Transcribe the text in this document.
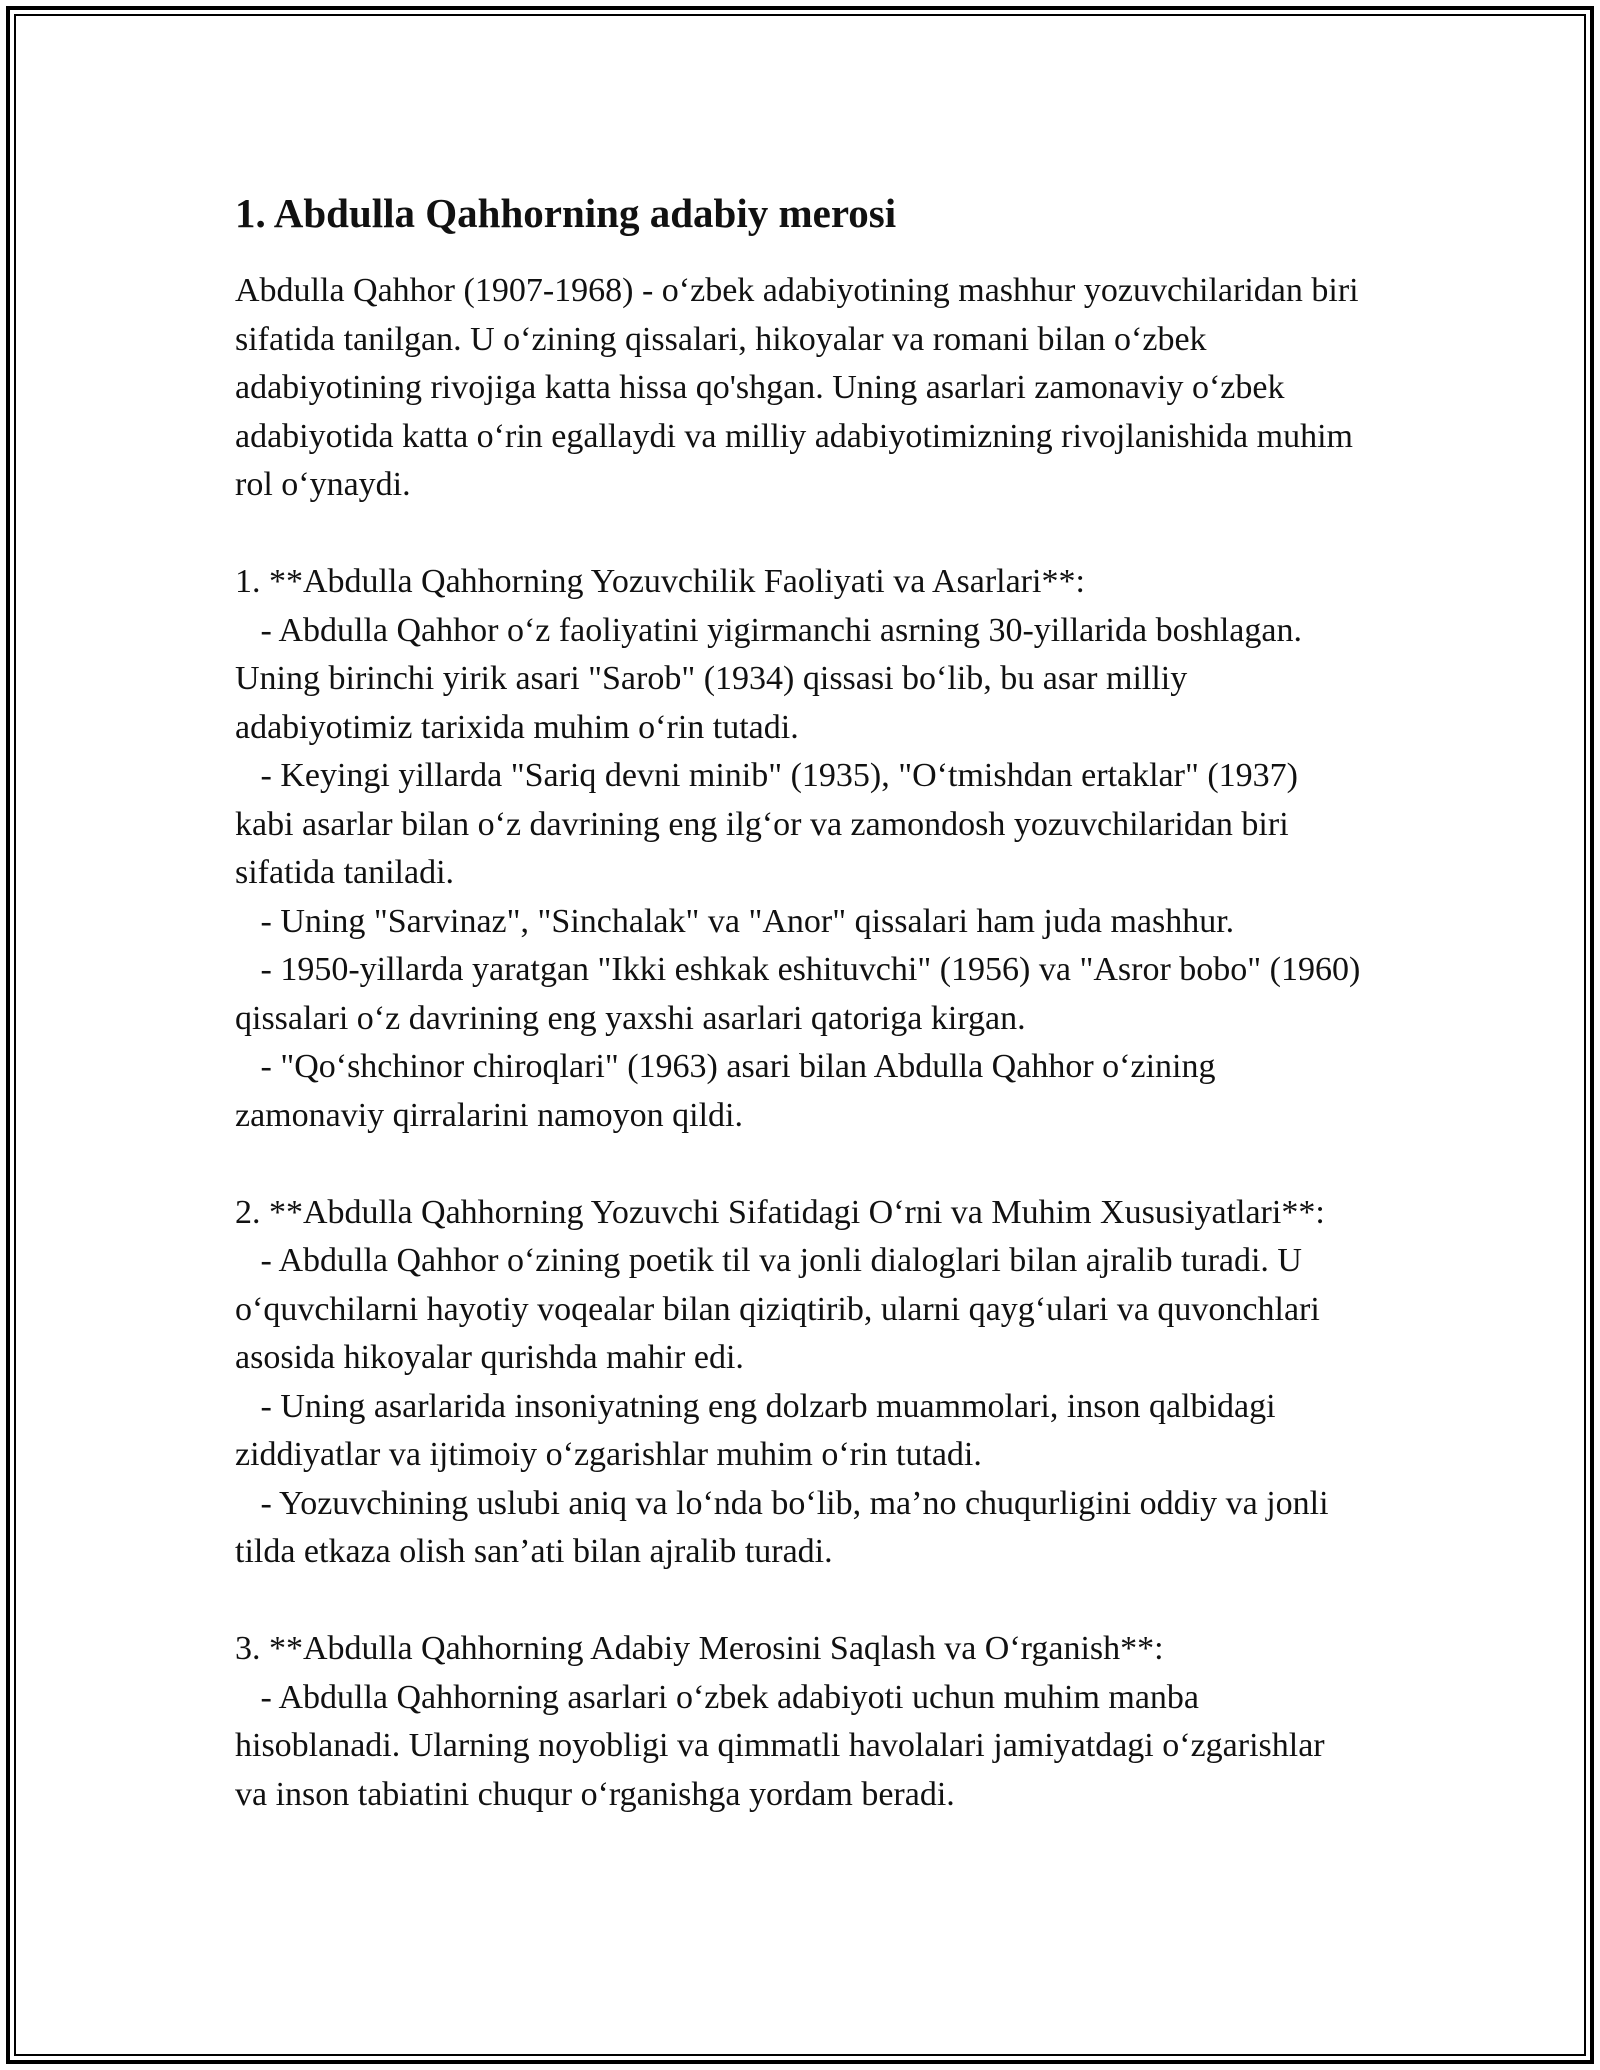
1. Abdulla Qahhorning adabiy merosi

Abdulla Qahhor (1907-1968) - o‘zbek adabiyotining mashhur yozuvchilaridan biri sifatida tanilgan. U o‘zining qissalari, hikoyalar va romani bilan o‘zbek adabiyotining rivojiga katta hissa qo'shgan. Uning asarlari zamonaviy o‘zbek adabiyotida katta o‘rin egallaydi va milliy adabiyotimizning rivojlanishida muhim rol o‘ynaydi.

1. **Abdulla Qahhorning Yozuvchilik Faoliyati va Asarlari**:

- Abdulla Qahhor o‘z faoliyatini yigirmanchi asrning 30-yillarida boshlagan. Uning birinchi yirik asari "Sarob" (1934) qissasi bo‘lib, bu asar milliy adabiyotimiz tarixida muhim o‘rin tutadi.

- Keyingi yillarda "Sariq devni minib" (1935), "O‘tmishdan ertaklar" (1937) kabi asarlar bilan o‘z davrining eng ilg‘or va zamondosh yozuvchilaridan biri sifatida taniladi.

- Uning "Sarvinaz", "Sinchalak" va "Anor" qissalari ham juda mashhur.

- 1950-yillarda yaratgan "Ikki eshkak eshituvchi" (1956) va "Asror bobo" (1960) qissalari o‘z davrining eng yaxshi asarlari qatoriga kirgan.

- "Qo‘shchinor chiroqlari" (1963) asari bilan Abdulla Qahhor o‘zining zamonaviy qirralarini namoyon qildi.

2. **Abdulla Qahhorning Yozuvchi Sifatidagi O‘rni va Muhim Xususiyatlari**:

- Abdulla Qahhor o‘zining poetik til va jonli dialoglari bilan ajralib turadi. U o‘quvchilarni hayotiy voqealar bilan qiziqtirib, ularni qayg‘ulari va quvonchlari asosida hikoyalar qurishda mahir edi.

- Uning asarlarida insoniyatning eng dolzarb muammolari, inson qalbidagi ziddiyatlar va ijtimoiy o‘zgarishlar muhim o‘rin tutadi.

- Yozuvchining uslubi aniq va lo‘nda bo‘lib, ma’no chuqurligini oddiy va jonli tilda etkaza olish san’ati bilan ajralib turadi.

3. **Abdulla Qahhorning Adabiy Merosini Saqlash va O‘rganish**:

- Abdulla Qahhorning asarlari o‘zbek adabiyoti uchun muhim manba hisoblanadi. Ularning noyobligi va qimmatli havolalari jamiyatdagi o‘zgarishlar va inson tabiatini chuqur o‘rganishga yordam beradi.
